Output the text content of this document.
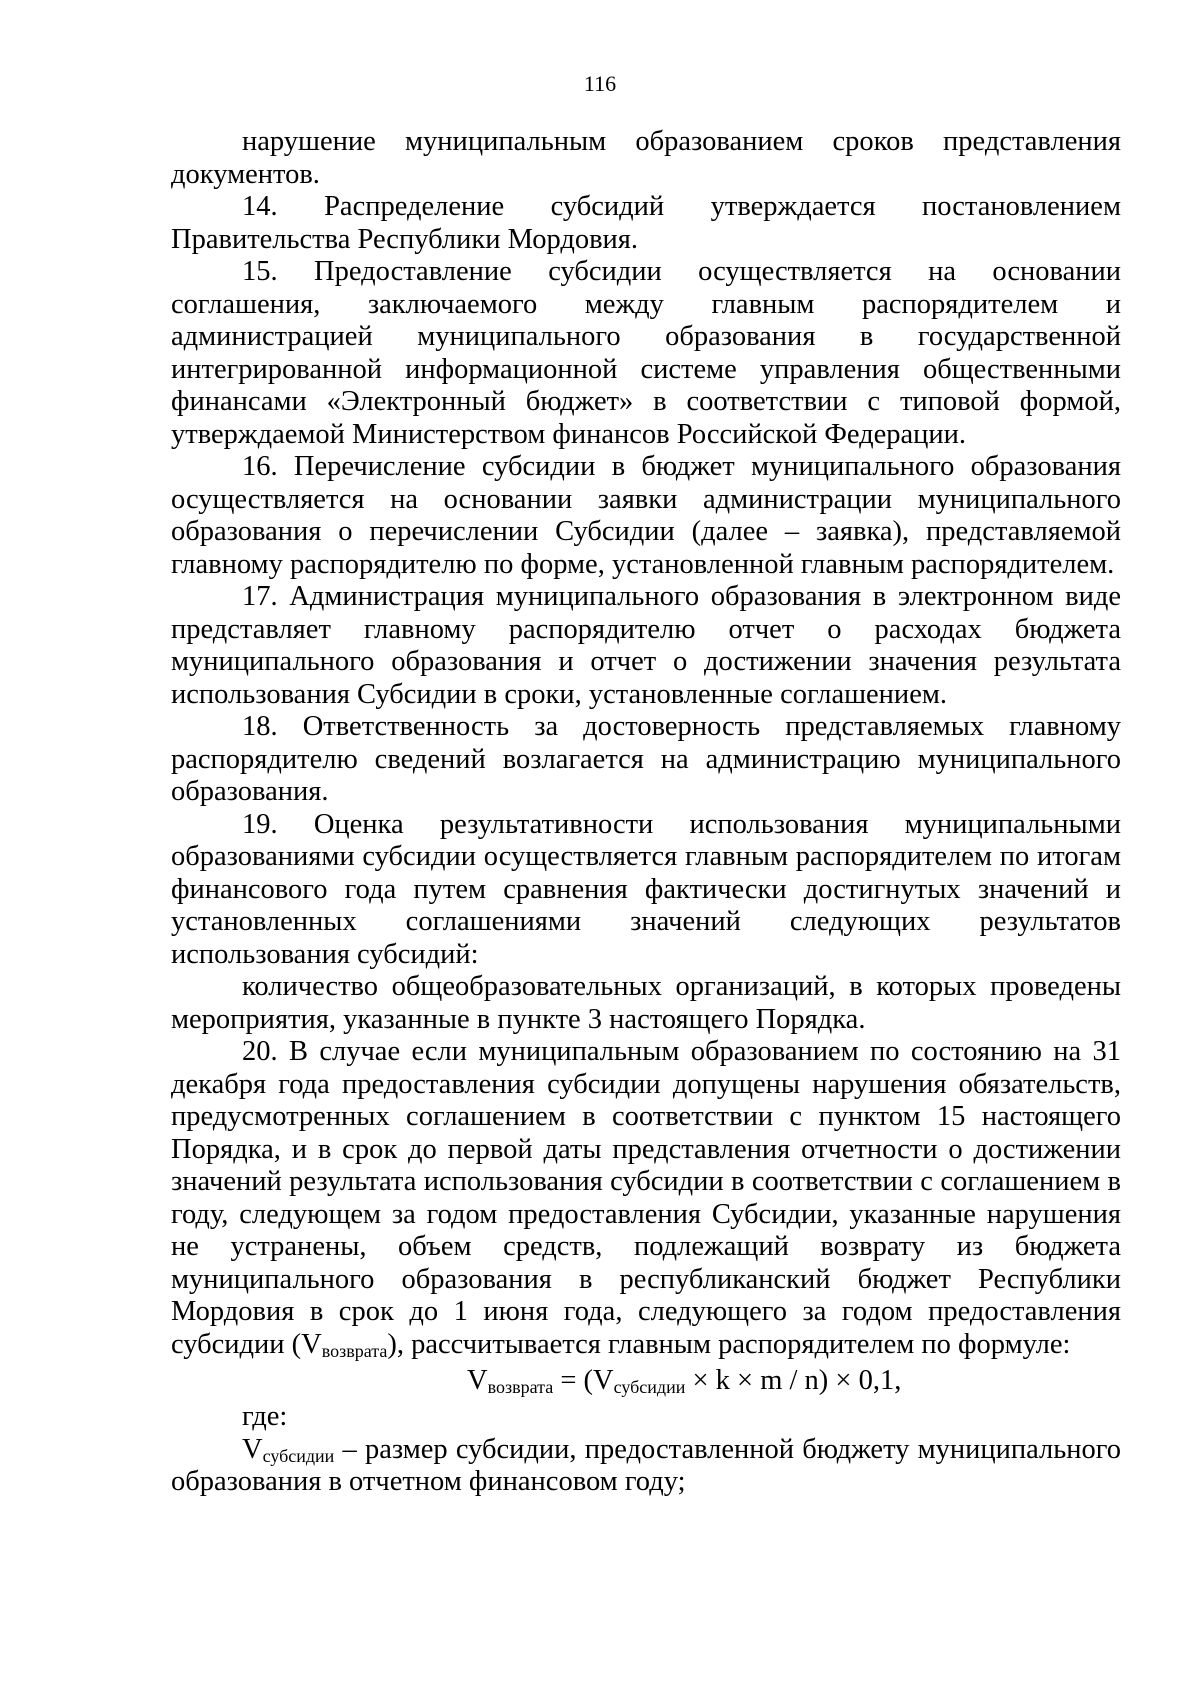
116

нарушение муниципальным образованием сроков представления документов.

14. Распределение субсидий утверждается постановлением Правительства Республики Мордовия.

15. Предоставление субсидии осуществляется на основании соглашения, заключаемого между главным распорядителем и администрацией муниципального образования в государственной интегрированной информационной системе управления общественными финансами «Электронный бюджет» в соответствии с типовой формой, утверждаемой Министерством финансов Российской Федерации.

16. Перечисление субсидии в бюджет муниципального образования осуществляется на основании заявки администрации муниципального образования о перечислении Субсидии (далее – заявка), представляемой главному распорядителю по форме, установленной главным распорядителем.

17. Администрация муниципального образования в электронном виде представляет главному распорядителю отчет о расходах бюджета муниципального образования и отчет о достижении значения результата использования Субсидии в сроки, установленные соглашением.

18. Ответственность за достоверность представляемых главному распорядителю сведений возлагается на администрацию муниципального образования.

19. Оценка результативности использования муниципальными образованиями субсидии осуществляется главным распорядителем по итогам финансового года путем сравнения фактически достигнутых значений и установленных соглашениями значений следующих результатов использования субсидий:

количество общеобразовательных организаций, в которых проведены мероприятия, указанные в пункте 3 настоящего Порядка.

20. В случае если муниципальным образованием по состоянию на 31 декабря года предоставления субсидии допущены нарушения обязательств, предусмотренных соглашением в соответствии с пунктом 15 настоящего Порядка, и в срок до первой даты представления отчетности о достижении значений результата использования субсидии в соответствии с соглашением в году, следующем за годом предоставления Субсидии, указанные нарушения не устранены, объем средств, подлежащий возврату из бюджета муниципального образования в республиканский бюджет Республики Мордовия в срок до 1 июня года, следующего за годом предоставления субсидии $(V_{возврата})$, рассчитывается главным распорядителем по формуле:

$V_{возврата} = (V_{субсидии} \times k \times m / n) \times 0,1$,

где:

$V_{субсидии}$ – размер субсидии, предоставленной бюджету муниципального образования в отчетном финансовом году;
